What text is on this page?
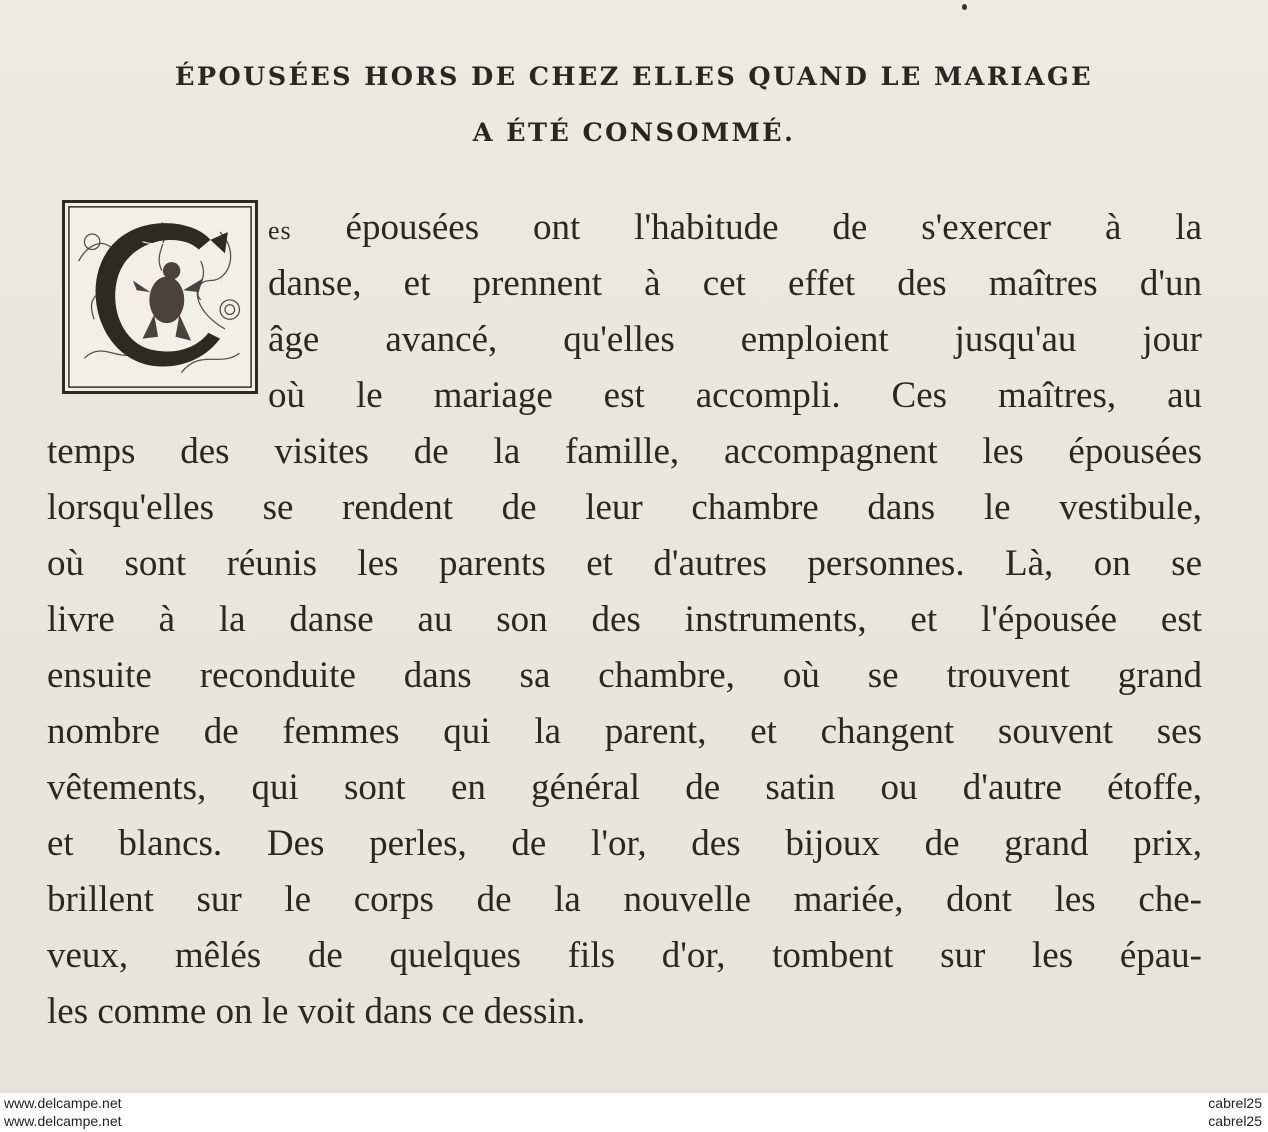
ÉPOUSÉES HORS DE CHEZ ELLES QUAND LE MARIAGE
A ÉTÉ CONSOMMÉ.
es épousées ont l'habitude de s'exercer à la
danse, et prennent à cet effet des maîtres d'un
âge avancé, qu'elles emploient jusqu'au jour
où le mariage est accompli. Ces maîtres, au
temps des visites de la famille, accompagnent les épousées
lorsqu'elles se rendent de leur chambre dans le vestibule,
où sont réunis les parents et d'autres personnes. Là, on se
livre à la danse au son des instruments, et l'épousée est
ensuite reconduite dans sa chambre, où se trouvent grand
nombre de femmes qui la parent, et changent souvent ses
vêtements, qui sont en général de satin ou d'autre étoffe,
et blancs. Des perles, de l'or, des bijoux de grand prix,
brillent sur le corps de la nouvelle mariée, dont les che-
veux, mêlés de quelques fils d'or, tombent sur les épau-
les comme on le voit dans ce dessin.
www.delcampe.net
www.delcampe.net
cabrel25
cabrel25
